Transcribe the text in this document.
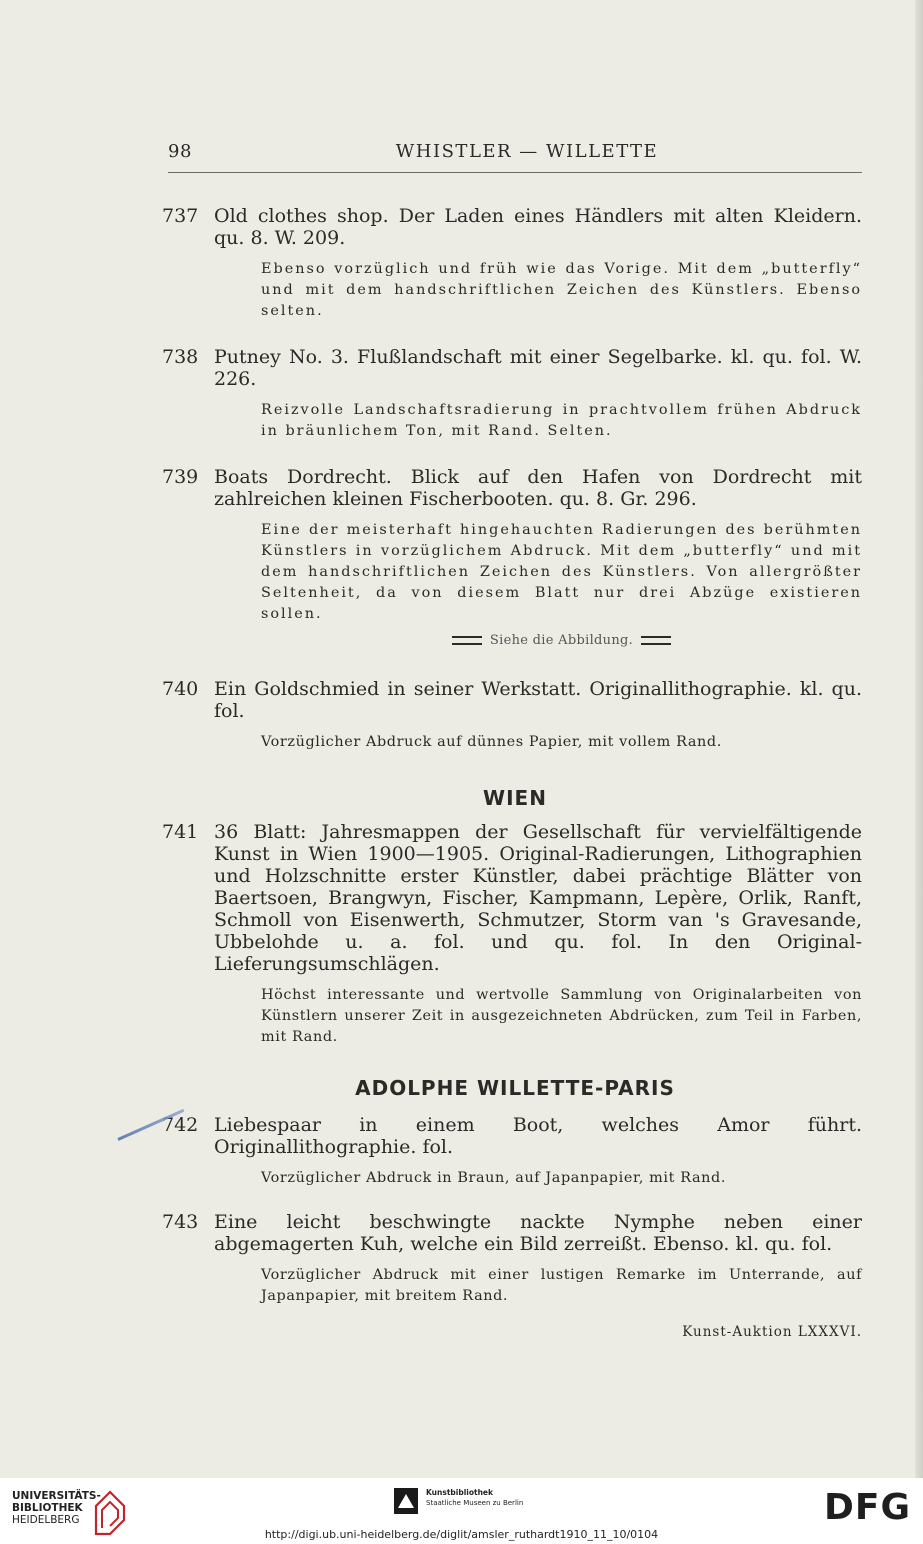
98	WHISTLER — WILLETTE
737 Old clothes shop. Der Laden eines Händlers mit alten Kleidern. qu. 8. W. 209.
Ebenso vorzüglich und früh wie das Vorige. Mit dem „butterfly“ und mit dem handschriftlichen Zeichen des Künstlers. Ebenso selten.
738 Putney No. 3. Flußlandschaft mit einer Segelbarke. kl. qu. fol. W. 226.
Reizvolle Landschaftsradierung in prachtvollem frühen Abdruck in bräunlichem Ton, mit Rand. Selten.
739 Boats Dordrecht. Blick auf den Hafen von Dordrecht mit zahlreichen kleinen Fischerbooten. qu. 8. Gr. 296.
Eine der meisterhaft hingehauchten Radierungen des berühmten Künstlers in vorzüglichem Abdruck. Mit dem „butterfly“ und mit dem handschriftlichen Zeichen des Künstlers. Von allergrößter Seltenheit, da von diesem Blatt nur drei Abzüge existieren sollen.
Siehe die Abbildung.
740 Ein Goldschmied in seiner Werkstatt. Originallithographie. kl. qu. fol.
Vorzüglicher Abdruck auf dünnes Papier, mit vollem Rand.
WIEN
741 36 Blatt: Jahresmappen der Gesellschaft für vervielfältigende Kunst in Wien 1900—1905. Original-Radierungen, Lithographien und Holzschnitte erster Künstler, dabei prächtige Blätter von Baertsoen, Brangwyn, Fischer, Kampmann, Lepère, Orlik, Ranft, Schmoll von Eisenwerth, Schmutzer, Storm van 's Gravesande, Ubbelohde u. a. fol. und qu. fol. In den Original-Lieferungsumschlägen.
Höchst interessante und wertvolle Sammlung von Originalarbeiten von Künstlern unserer Zeit in ausgezeichneten Abdrücken, zum Teil in Farben, mit Rand.
ADOLPHE WILLETTE-PARIS
742 Liebespaar in einem Boot, welches Amor führt. Originallithographie. fol.
Vorzüglicher Abdruck in Braun, auf Japanpapier, mit Rand.
743 Eine leicht beschwingte nackte Nymphe neben einer abgemagerten Kuh, welche ein Bild zerreißt. Ebenso. kl. qu. fol.
Vorzüglicher Abdruck mit einer lustigen Remarke im Unterrande, auf Japanpapier, mit breitem Rand.
Kunst-Auktion LXXXVI.
UNIVERSITÄTS-
BIBLIOTHEK
HEIDELBERG
Kunstbibliothek
Staatliche Museen zu Berlin	DFG
http://digi.ub.uni-heidelberg.de/diglit/amsler_ruthardt1910_11_10/0104
